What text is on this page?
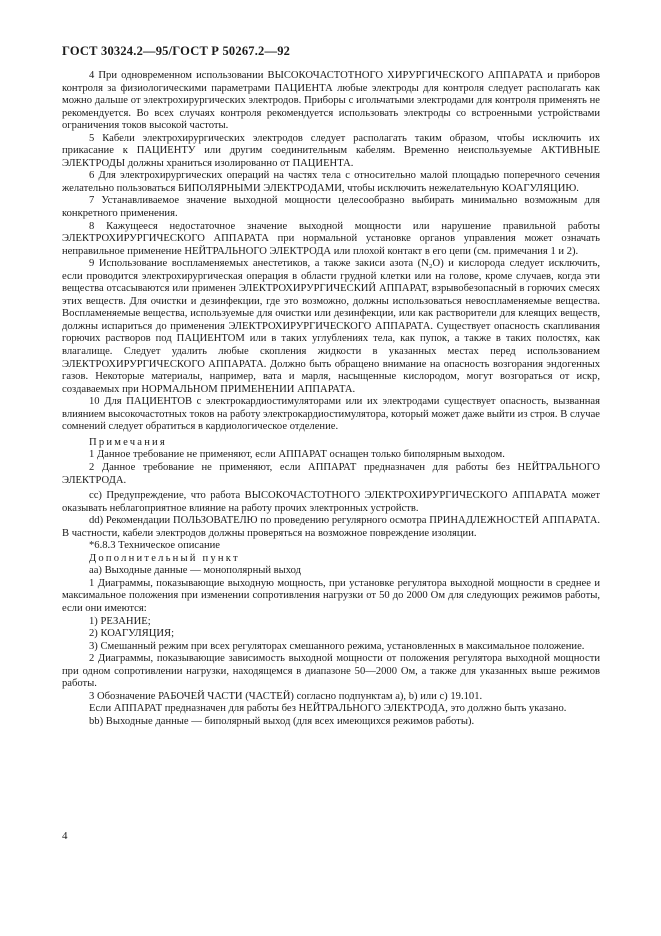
ГОСТ 30324.2—95/ГОСТ Р 50267.2—92

4 При одновременном использовании ВЫСОКОЧАСТОТНОГО ХИРУРГИЧЕСКОГО АППАРАТА и приборов контроля за физиологическими параметрами ПАЦИЕНТА любые электроды для контроля следует располагать как можно дальше от электрохирургических электродов. Приборы с игольчатыми электродами для контроля применять не рекомендуется. Во всех случаях контроля рекомендуется использовать электроды со встроенными устройствами ограничения токов высокой частоты.

5 Кабели электрохирургических электродов следует располагать таким образом, чтобы исключить их прикасание к ПАЦИЕНТУ или другим соединительным кабелям. Временно неиспользуемые АКТИВНЫЕ ЭЛЕКТРОДЫ должны храниться изолированно от ПАЦИЕНТА.

6 Для электрохирургических операций на частях тела с относительно малой площадью поперечного сечения желательно пользоваться БИПОЛЯРНЫМИ ЭЛЕКТРОДАМИ, чтобы исключить нежелательную КОАГУЛЯЦИЮ.

7 Устанавливаемое значение выходной мощности целесообразно выбирать минимально возможным для конкретного применения.

8 Кажущееся недостаточное значение выходной мощности или нарушение правильной работы ЭЛЕКТРОХИРУРГИЧЕСКОГО АППАРАТА при нормальной установке органов управления может означать неправильное применение НЕЙТРАЛЬНОГО ЭЛЕКТРОДА или плохой контакт в его цепи (см. примечания 1 и 2).

9 Использование воспламеняемых анестетиков, а также закиси азота (N₂O) и кислорода следует исключить, если проводится электрохирургическая операция в области грудной клетки или на голове, кроме случаев, когда эти вещества отсасываются или применен ЭЛЕКТРОХИРУРГИЧЕСКИЙ АППАРАТ, взрывобезопасный в горючих смесях этих веществ. Для очистки и дезинфекции, где это возможно, должны использоваться невоспламеняемые вещества. Воспламеняемые вещества, используемые для очистки или дезинфекции, или как растворители для клеящих веществ, должны испариться до применения ЭЛЕКТРОХИРУРГИЧЕСКОГО АППАРАТА. Существует опасность скапливания горючих растворов под ПАЦИЕНТОМ или в таких углублениях тела, как пупок, а также в таких полостях, как влагалище. Следует удалить любые скопления жидкости в указанных местах перед использованием ЭЛЕКТРОХИРУРГИЧЕСКОГО АППАРАТА. Должно быть обращено внимание на опасность возгорания эндогенных газов. Некоторые материалы, например, вата и марля, насыщенные кислородом, могут возгораться от искр, создаваемых при НОРМАЛЬНОМ ПРИМЕНЕНИИ АППАРАТА.

10 Для ПАЦИЕНТОВ с электрокардиостимуляторами или их электродами существует опасность, вызванная влиянием высокочастотных токов на работу электрокардиостимулятора, который может даже выйти из строя. В случае сомнений следует обратиться в кардиологическое отделение.

Примечания

1 Данное требование не применяют, если АППАРАТ оснащен только биполярным выходом.

2 Данное требование не применяют, если АППАРАТ предназначен для работы без НЕЙТРАЛЬНОГО ЭЛЕКТРОДА.

cc) Предупреждение, что работа ВЫСОКОЧАСТОТНОГО ЭЛЕКТРОХИРУРГИЧЕСКОГО АППАРАТА может оказывать неблагоприятное влияние на работу прочих электронных устройств.

dd) Рекомендации ПОЛЬЗОВАТЕЛЮ по проведению регулярного осмотра ПРИНАДЛЕЖНОСТЕЙ АППАРАТА. В частности, кабели электродов должны проверяться на возможное повреждение изоляции.

*6.8.3 Техническое описание

Дополнительный пункт

aa) Выходные данные — монополярный выход

1 Диаграммы, показывающие выходную мощность, при установке регулятора выходной мощности в среднее и максимальное положения при изменении сопротивления нагрузки от 50 до 2000 Ом для следующих режимов работы, если они имеются:

1) РЕЗАНИЕ;

2) КОАГУЛЯЦИЯ;

3) Смешанный режим при всех регуляторах смешанного режима, установленных в максимальное положение.

2 Диаграммы, показывающие зависимость выходной мощности от положения регулятора выходной мощности при одном сопротивлении нагрузки, находящемся в диапазоне 50—2000 Ом, а также для указанных выше режимов работы.

3 Обозначение РАБОЧЕЙ ЧАСТИ (ЧАСТЕЙ) согласно подпунктам a), b) или c) 19.101.

Если АППАРАТ предназначен для работы без НЕЙТРАЛЬНОГО ЭЛЕКТРОДА, это должно быть указано.

bb) Выходные данные — биполярный выход (для всех имеющихся режимов работы).

4
